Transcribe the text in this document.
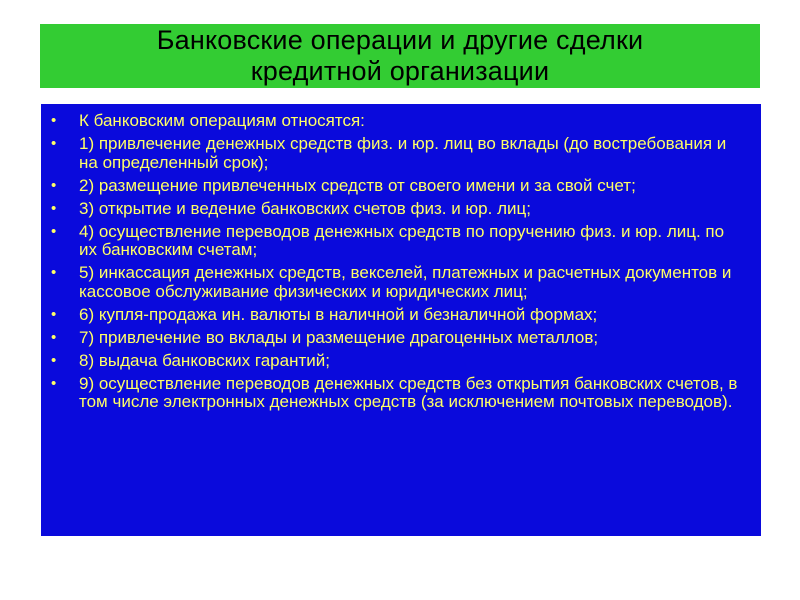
Банковские операции и другие сделки
кредитной организации
• К банковским операциям относятся:
• 1) привлечение денежных средств физ. и юр. лиц во вклады (до востребования и на определенный срок);
• 2) размещение привлеченных средств от своего имени и за свой счет;
• 3) открытие и ведение банковских счетов физ. и юр. лиц;
• 4) осуществление переводов денежных средств по поручению физ. и юр. лиц. по их банковским счетам;
• 5) инкассация денежных средств, векселей, платежных и расчетных документов и кассовое обслуживание физических и юридических лиц;
• 6) купля-продажа ин. валюты в наличной и безналичной формах;
• 7) привлечение во вклады и размещение драгоценных металлов;
• 8) выдача банковских гарантий;
• 9) осуществление переводов денежных средств без открытия банковских счетов, в том числе электронных денежных средств (за исключением почтовых переводов).
